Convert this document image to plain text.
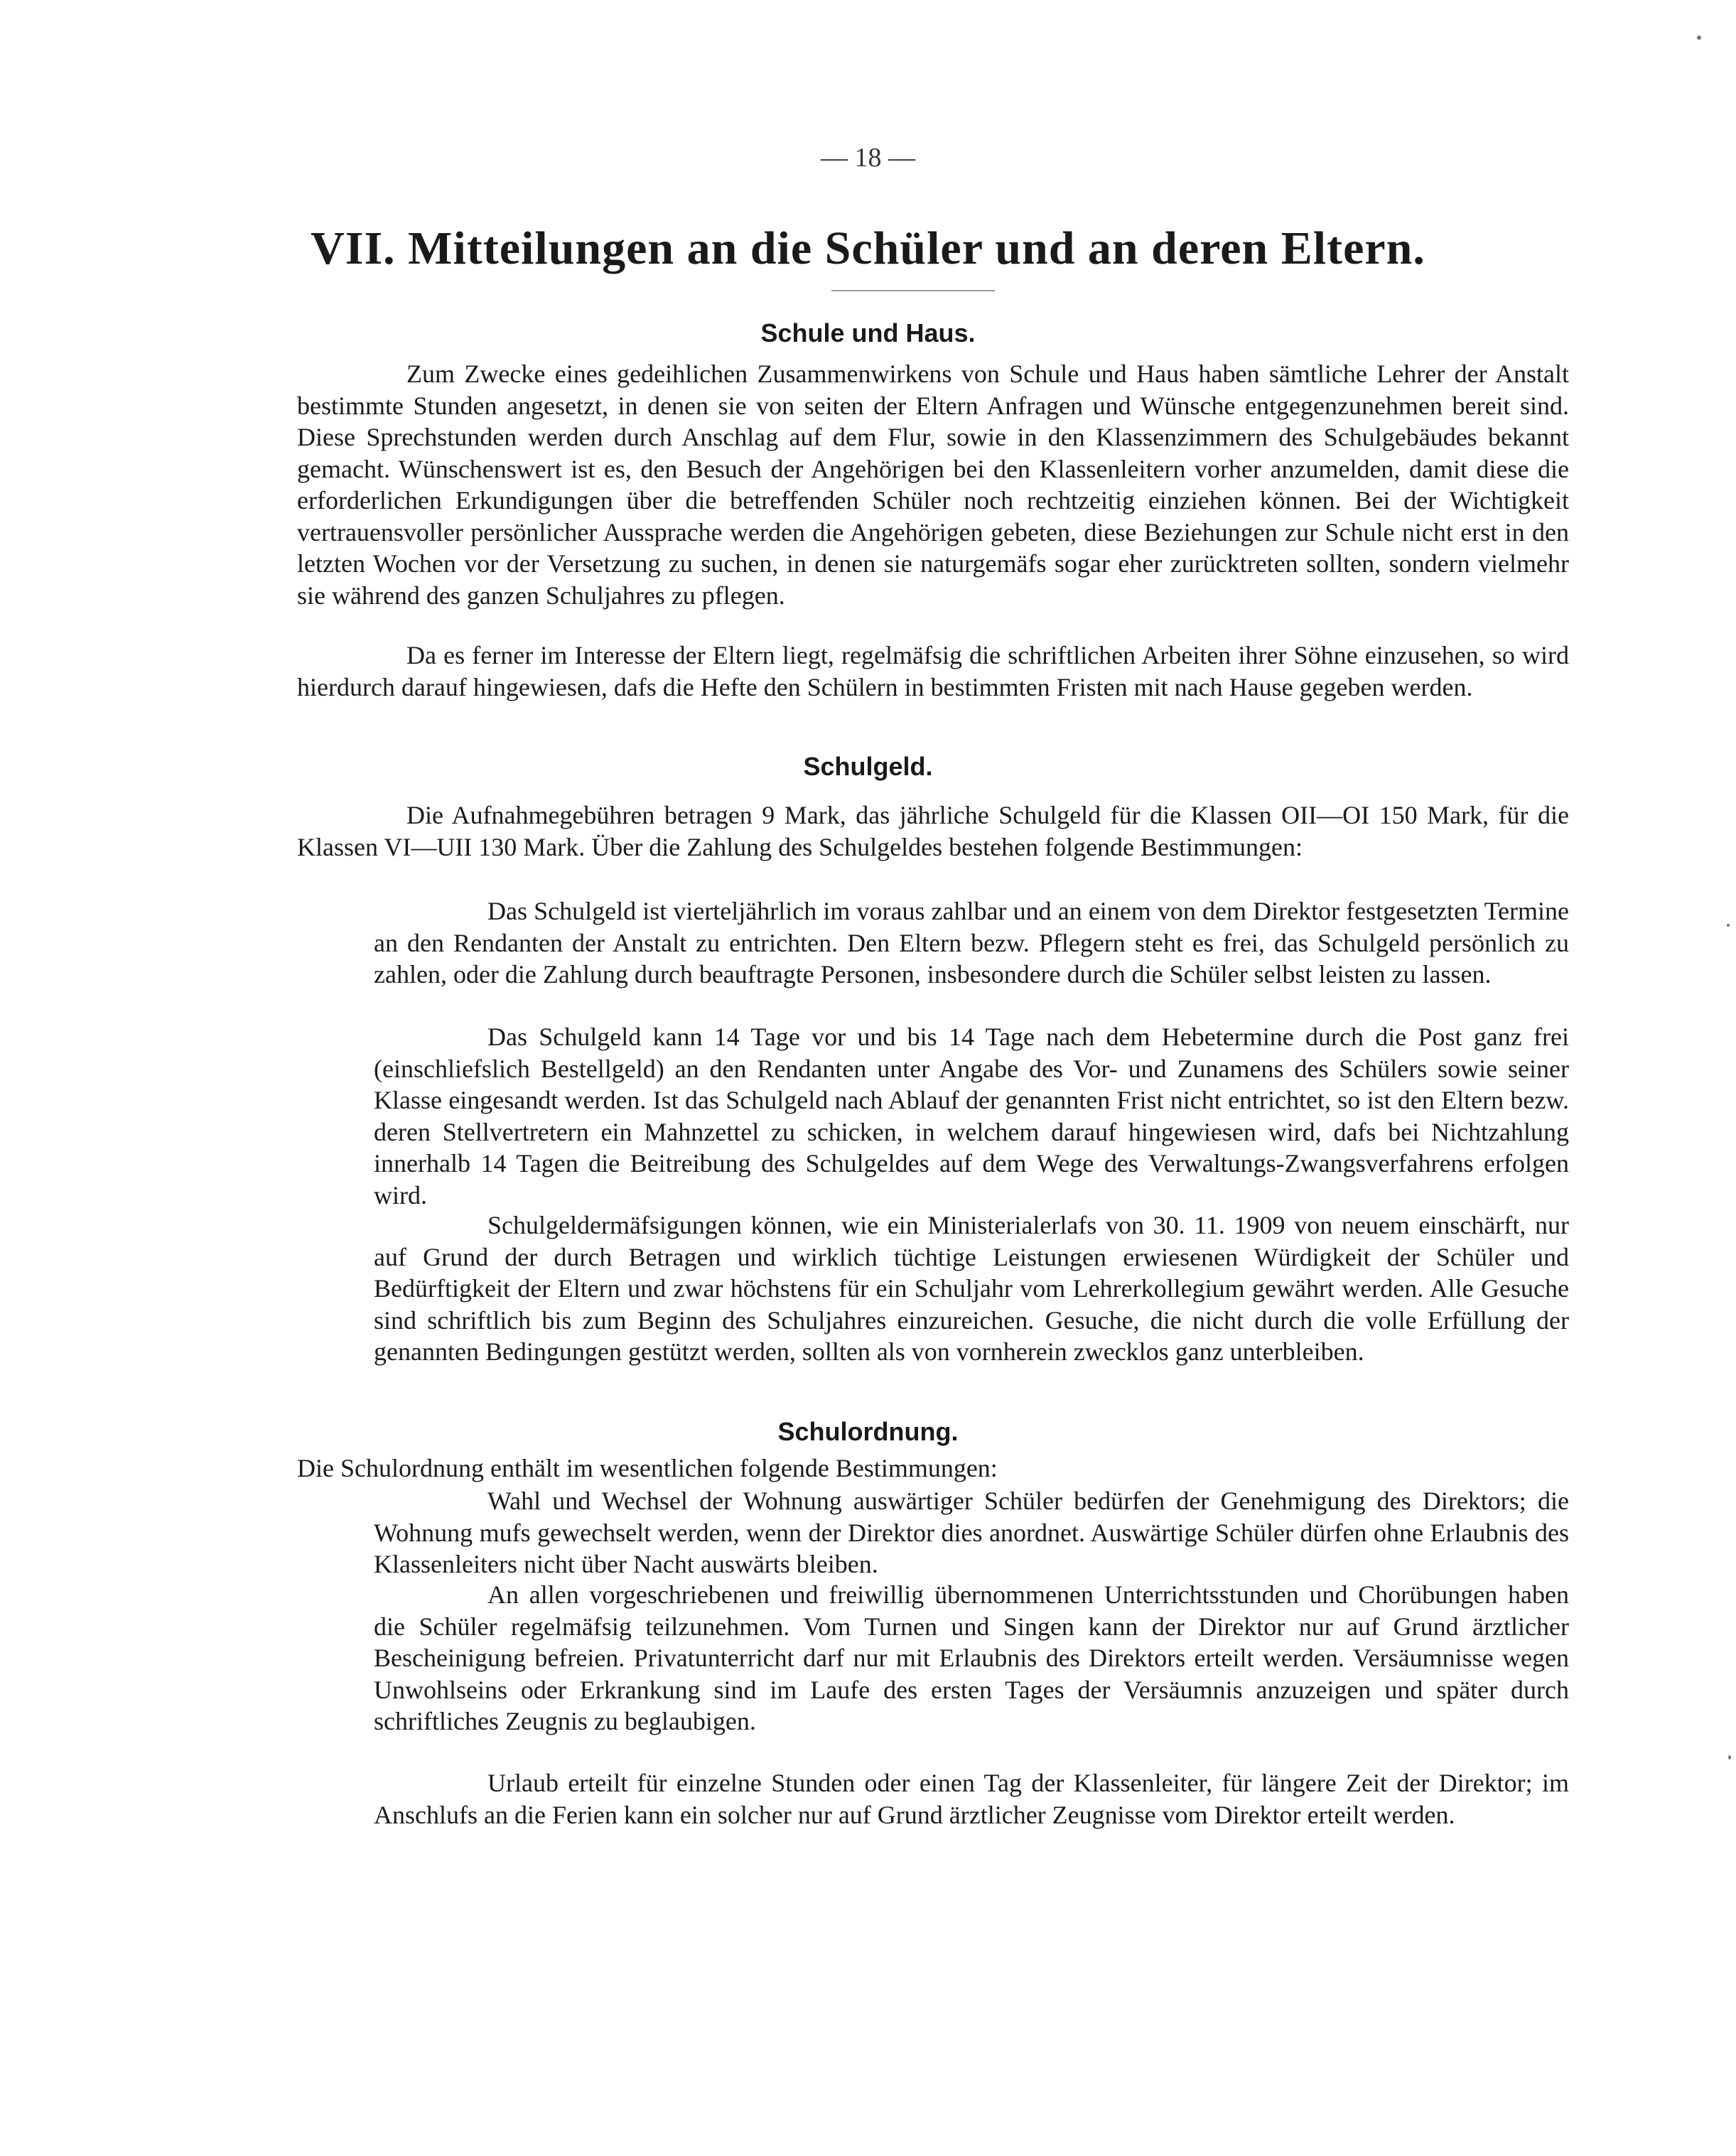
— 18 —
VII. Mitteilungen an die Schüler und an deren Eltern.
Schule und Haus.

Zum Zwecke eines gedeihlichen Zusammenwirkens von Schule und Haus haben sämtliche Lehrer der Anstalt bestimmte Stunden angesetzt, in denen sie von seiten der Eltern Anfragen und Wünsche entgegenzunehmen bereit sind. Diese Sprechstunden werden durch Anschlag auf dem Flur, sowie in den Klassenzimmern des Schulgebäudes bekannt gemacht. Wünschenswert ist es, den Besuch der Angehörigen bei den Klassenleitern vorher anzumelden, damit diese die erforderlichen Erkundigungen über die betreffenden Schüler noch rechtzeitig einziehen können. Bei der Wichtigkeit vertrauensvoller persönlicher Aussprache werden die Angehörigen gebeten, diese Beziehungen zur Schule nicht erst in den letzten Wochen vor der Versetzung zu suchen, in denen sie naturgemäfs sogar eher zurücktreten sollten, sondern vielmehr sie während des ganzen Schuljahres zu pflegen.

Da es ferner im Interesse der Eltern liegt, regelmäfsig die schriftlichen Arbeiten ihrer Söhne einzusehen, so wird hierdurch darauf hingewiesen, dafs die Hefte den Schülern in bestimmten Fristen mit nach Hause gegeben werden.

Schulgeld.

Die Aufnahmegebühren betragen 9 Mark, das jährliche Schulgeld für die Klassen OII—OI 150 Mark, für die Klassen VI—UII 130 Mark. Über die Zahlung des Schulgeldes bestehen folgende Bestimmungen:

Das Schulgeld ist vierteljährlich im voraus zahlbar und an einem von dem Direktor festgesetzten Termine an den Rendanten der Anstalt zu entrichten. Den Eltern bezw. Pflegern steht es frei, das Schulgeld persönlich zu zahlen, oder die Zahlung durch beauftragte Personen, insbesondere durch die Schüler selbst leisten zu lassen.

Das Schulgeld kann 14 Tage vor und bis 14 Tage nach dem Hebetermine durch die Post ganz frei (einschliefslich Bestellgeld) an den Rendanten unter Angabe des Vor- und Zunamens des Schülers sowie seiner Klasse eingesandt werden. Ist das Schulgeld nach Ablauf der genannten Frist nicht entrichtet, so ist den Eltern bezw. deren Stellvertretern ein Mahnzettel zu schicken, in welchem darauf hingewiesen wird, dafs bei Nichtzahlung innerhalb 14 Tagen die Beitreibung des Schulgeldes auf dem Wege des Verwaltungs-Zwangsverfahrens erfolgen wird.

Schulgeldermäfsigungen können, wie ein Ministerialerlafs von 30. 11. 1909 von neuem einschärft, nur auf Grund der durch Betragen und wirklich tüchtige Leistungen erwiesenen Würdigkeit der Schüler und Bedürftigkeit der Eltern und zwar höchstens für ein Schuljahr vom Lehrerkollegium gewährt werden. Alle Gesuche sind schriftlich bis zum Beginn des Schuljahres einzureichen. Gesuche, die nicht durch die volle Erfüllung der genannten Bedingungen gestützt werden, sollten als von vornherein zwecklos ganz unterbleiben.

Schulordnung.

Die Schulordnung enthält im wesentlichen folgende Bestimmungen:

Wahl und Wechsel der Wohnung auswärtiger Schüler bedürfen der Genehmigung des Direktors; die Wohnung mufs gewechselt werden, wenn der Direktor dies anordnet. Auswärtige Schüler dürfen ohne Erlaubnis des Klassenleiters nicht über Nacht auswärts bleiben.

An allen vorgeschriebenen und freiwillig übernommenen Unterrichtsstunden und Chorübungen haben die Schüler regelmäfsig teilzunehmen. Vom Turnen und Singen kann der Direktor nur auf Grund ärztlicher Bescheinigung befreien. Privatunterricht darf nur mit Erlaubnis des Direktors erteilt werden. Versäumnisse wegen Unwohlseins oder Erkrankung sind im Laufe des ersten Tages der Versäumnis anzuzeigen und später durch schriftliches Zeugnis zu beglaubigen.

Urlaub erteilt für einzelne Stunden oder einen Tag der Klassenleiter, für längere Zeit der Direktor; im Anschlufs an die Ferien kann ein solcher nur auf Grund ärztlicher Zeugnisse vom Direktor erteilt werden.
